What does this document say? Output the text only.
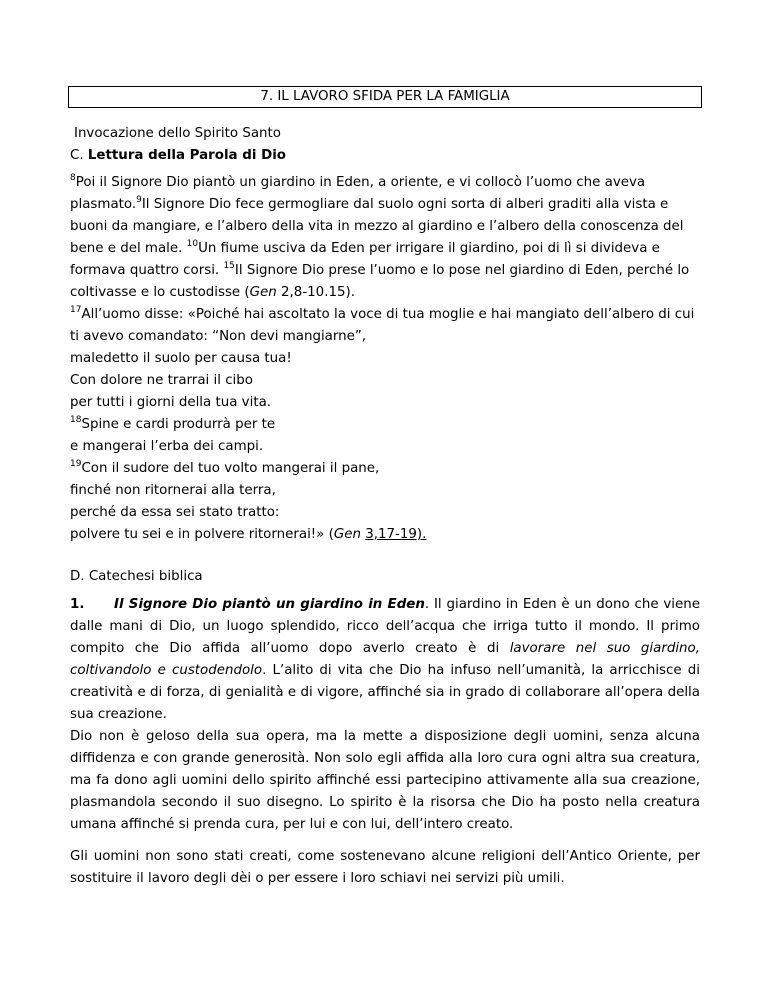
7. IL LAVORO SFIDA PER LA FAMIGLIA
Invocazione dello Spirito Santo
C. Lettura della Parola di Dio
$^8$Poi il Signore Dio piantò un giardino in Eden, a oriente, e vi collocò l’uomo che aveva plasmato.$^9$Il Signore Dio fece germogliare dal suolo ogni sorta di alberi graditi alla vista e buoni da mangiare, e l’albero della vita in mezzo al giardino e l’albero della conoscenza del bene e del male. $^{10}$Un fiume usciva da Eden per irrigare il giardino, poi di lì si divideva e formava quattro corsi. $^{15}$Il Signore Dio prese l’uomo e lo pose nel giardino di Eden, perché lo coltivasse e lo custodisse (Gen 2,8-10.15).
$^{17}$All’uomo disse: «Poiché hai ascoltato la voce di tua moglie e hai mangiato dell’albero di cui ti avevo comandato: “Non devi mangiarne”,
maledetto il suolo per causa tua!
Con dolore ne trarrai il cibo
per tutti i giorni della tua vita.
$^{18}$Spine e cardi produrrà per te
e mangerai l’erba dei campi.
$^{19}$Con il sudore del tuo volto mangerai il pane,
finché non ritornerai alla terra,
perché da essa sei stato tratto:
polvere tu sei e in polvere ritornerai!» (Gen 3,17-19).
D. Catechesi biblica

1. Il Signore Dio piantò un giardino in Eden. Il giardino in Eden è un dono che viene dalle mani di Dio, un luogo splendido, ricco dell’acqua che irriga tutto il mondo. Il primo compito che Dio affida all’uomo dopo averlo creato è di lavorare nel suo giardino, coltivandolo e custodendolo. L’alito di vita che Dio ha infuso nell’umanità, la arricchisce di creatività e di forza, di genialità e di vigore, affinché sia in grado di collaborare all’opera della sua creazione.

Dio non è geloso della sua opera, ma la mette a disposizione degli uomini, senza alcuna diffidenza e con grande generosità. Non solo egli affida alla loro cura ogni altra sua creatura, ma fa dono agli uomini dello spirito affinché essi partecipino attivamente alla sua creazione, plasmandola secondo il suo disegno. Lo spirito è la risorsa che Dio ha posto nella creatura umana affinché si prenda cura, per lui e con lui, dell’intero creato.

Gli uomini non sono stati creati, come sostenevano alcune religioni dell’Antico Oriente, per sostituire il lavoro degli dèi o per essere i loro schiavi nei servizi più umili.
